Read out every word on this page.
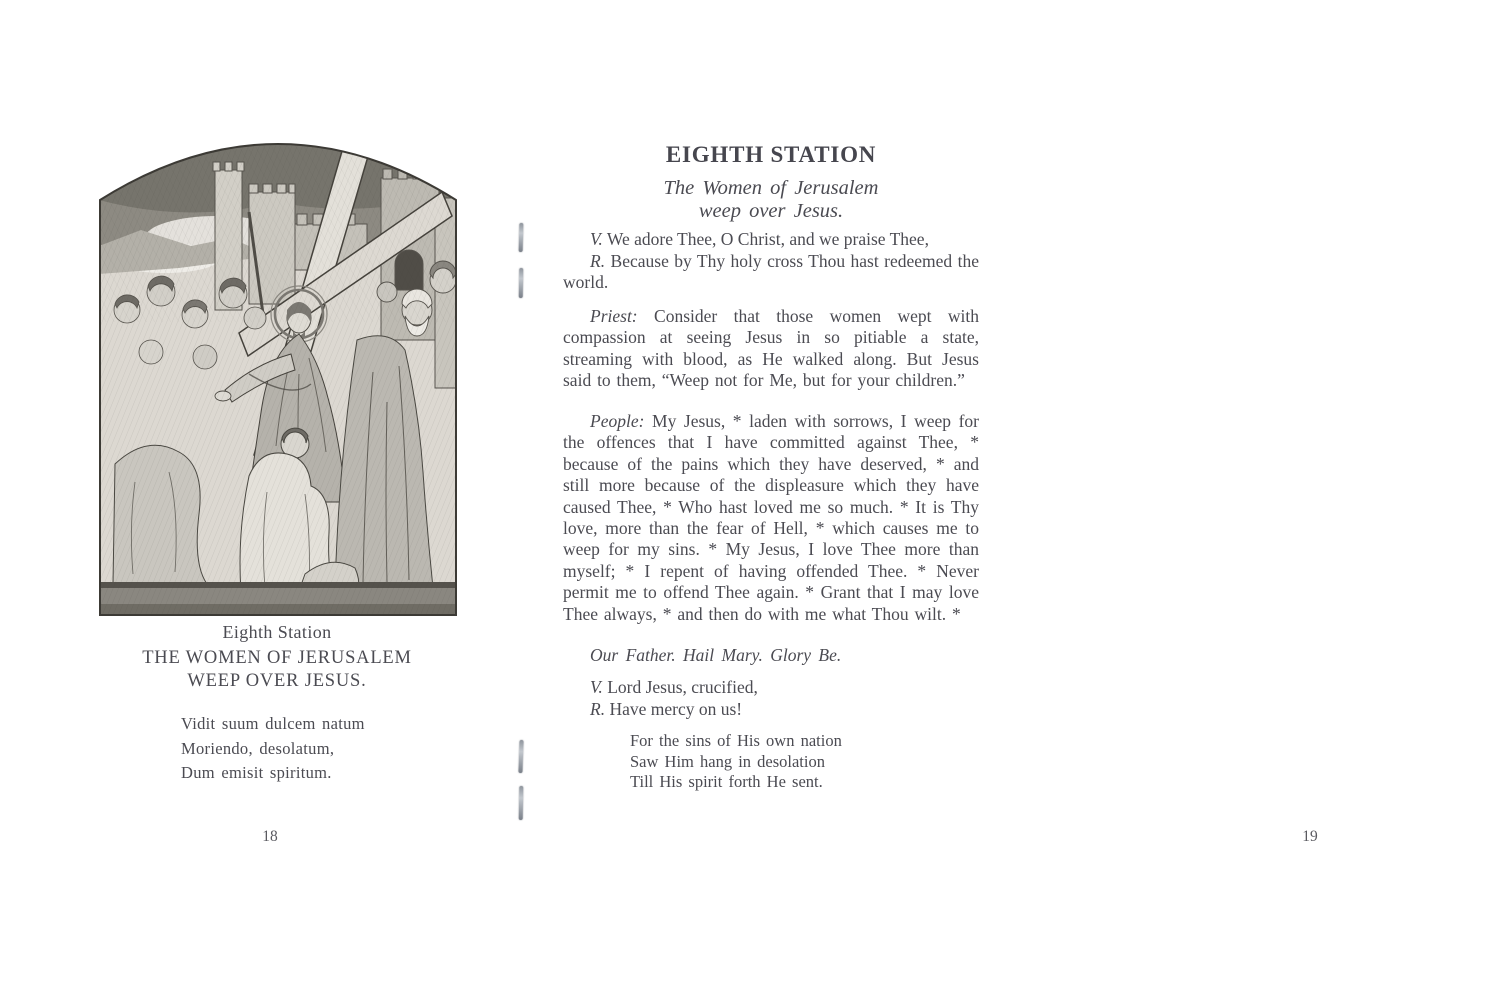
Eighth Station
THE WOMEN OF JERUSALEM
WEEP OVER JESUS.
Vidit suum dulcem natum
Moriendo, desolatum,
Dum emisit spiritum.
18
EIGHTH STATION
The Women of Jerusalem
weep over Jesus.

V. We adore Thee, O Christ, and we praise Thee,

R. Because by Thy holy cross Thou hast redeemed the world.

Priest: Consider that those women wept with compassion at seeing Jesus in so pitiable a state, streaming with blood, as He walked along. But Jesus said to them, “Weep not for Me, but for your children.”

People: My Jesus, * laden with sorrows, I weep for the offences that I have committed against Thee, * because of the pains which they have deserved, * and still more because of the displeasure which they have caused Thee, * Who hast loved me so much. * It is Thy love, more than the fear of Hell, * which causes me to weep for my sins. * My Jesus, I love Thee more than myself; * I repent of having offended Thee. * Never permit me to offend Thee again. * Grant that I may love Thee always, * and then do with me what Thou wilt. *

Our Father. Hail Mary. Glory Be.

V. Lord Jesus, crucified,

R. Have mercy on us!

For the sins of His own nation
Saw Him hang in desolation
Till His spirit forth He sent.
19
